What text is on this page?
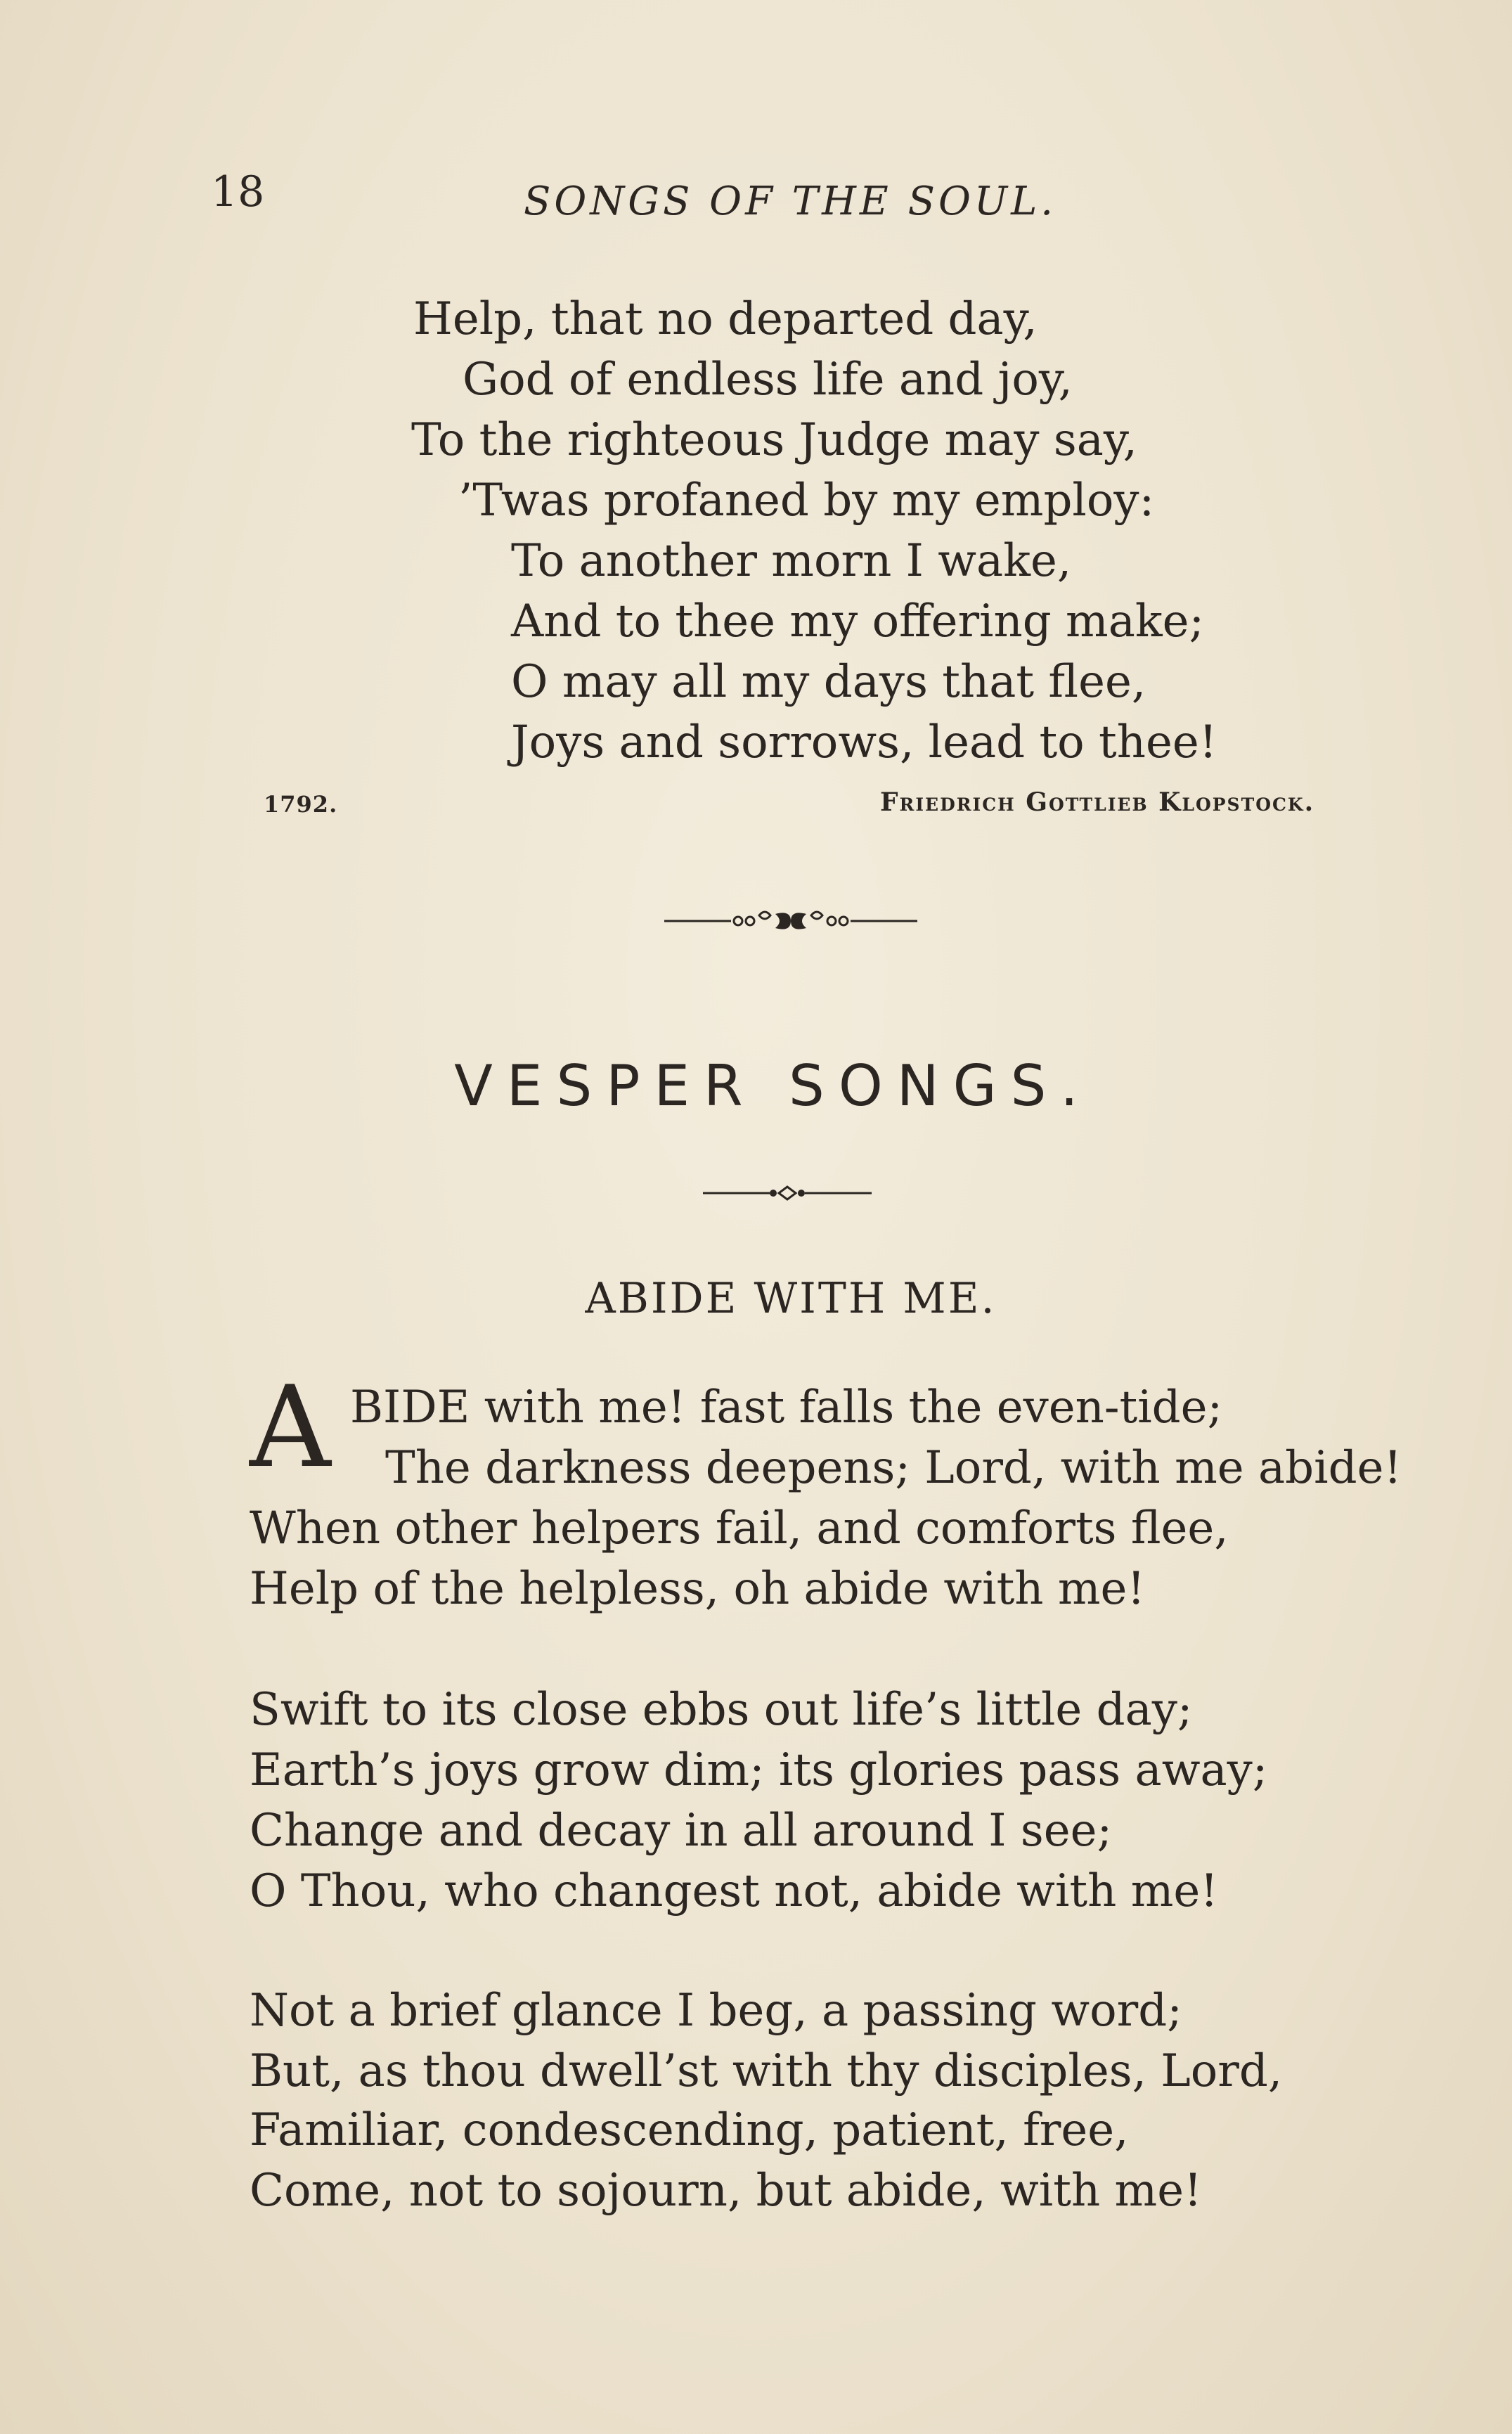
18	SONGS OF THE SOUL.
Help, that no departed day,
God of endless life and joy,
To the righteous Judge may say,
’Twas profaned by my employ:
To another morn I wake,
And to thee my offering make;
O may all my days that flee,
Joys and sorrows, lead to thee!
1792.	Friedrich Gottlieb Klopstock.
VESPER SONGS.
ABIDE WITH ME.
A BIDE with me! fast falls the even-tide;
The darkness deepens; Lord, with me abide!
When other helpers fail, and comforts flee,
Help of the helpless, oh abide with me!
Swift to its close ebbs out life’s little day;
Earth’s joys grow dim; its glories pass away;
Change and decay in all around I see;
O Thou, who changest not, abide with me!
Not a brief glance I beg, a passing word;
But, as thou dwell’st with thy disciples, Lord,
Familiar, condescending, patient, free,
Come, not to sojourn, but abide, with me!
